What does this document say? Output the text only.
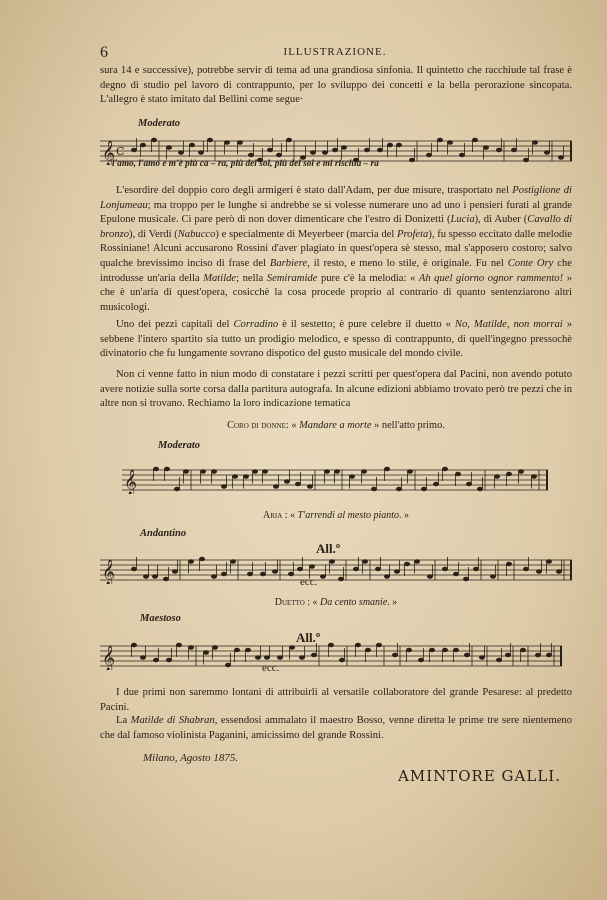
6	ILLUSTRAZIONE.

sura 14 e successive), potrebbe servir di tema ad una grandiosa sinfonia. Il quintetto che racchiude tal frase è degno di studio pel lavoro di contrappunto, per lo sviluppo dei concetti e la bella perorazione sincopata. L'allegro è stato imitato dal Bellini come segue·

Moderato
𝄞 C
l'amo, l'amo e m'è più ca – ra, più del sol, più del sol e mi rischia – ra

L'esordire del doppio coro degli armigeri è stato dall'Adam, per due misure, trasportato nel Postiglione di Lonjumeau; ma troppo per le lunghe si andrebbe se si volesse numerare uno ad uno i pensieri furati al grande Epulone musicale. Ci pare però di non dover dimenticare che l'estro di Donizetti (Lucia), di Auber (Cavallo di bronzo), di Verdi (Nabucco) e specialmente di Meyerbeer (marcia del Profeta), fu spesso eccitato dalle melodie Rossiniane! Alcuni accusarono Rossini d'aver plagiato in quest'opera sè stesso, mal s'apposero costoro; salvo qualche brevissimo inciso di frase del Barbiere, il resto, e meno lo stile, è originale. Fu nel Conte Ory che introdusse un'aria della Matilde; nella Semiramide pure c'è la melodia: « Ah quel giorno ognor rammento! » che è un'aria di quest'opera, cosicchè la cosa procede proprio al contrario di quanto sentenziarono altri musicologi.

Uno dei pezzi capitali del Corradino è il sestetto; è pure celebre il duetto « No, Matilde, non morrai » sebbene l'intero spartito sia tutto un prodigio melodico, e spesso di contrappunto, di quell'ingegno pressochè divinatorio che fu lungamente sovrano dispotico del gusto musicale del mondo civile.

Non ci venne fatto in niun modo di constatare i pezzi scritti per quest'opera dal Pacini, non avendo potuto avere notizie sulla sorte corsa dalla partitura autografa. In alcune edizioni abbiamo trovato però tre pezzi che in altre non si trovano. Rechiamo la loro indicazione tematica

Coro di donne: « Mandare a morte » nell'atto primo.
Moderato
𝄞
Aria : « T'arrendi al mesto pianto. »
Andantino
All.º
𝄞	ecc.
Duetto : « Da cento smanie. »
Maestoso
All.º
𝄞	ecc.

I due primi non saremmo lontani di attribuirli al versatile collaboratore del grande Pesarese: al predetto Pacini.

La Matilde di Shabran, essendosi ammalato il maestro Bosso, venne diretta le prime tre sere nientemeno che dal famoso violinista Paganini, amicissimo del grande Rossini.

Milano, Agosto 1875.
AMINTORE GALLI.
